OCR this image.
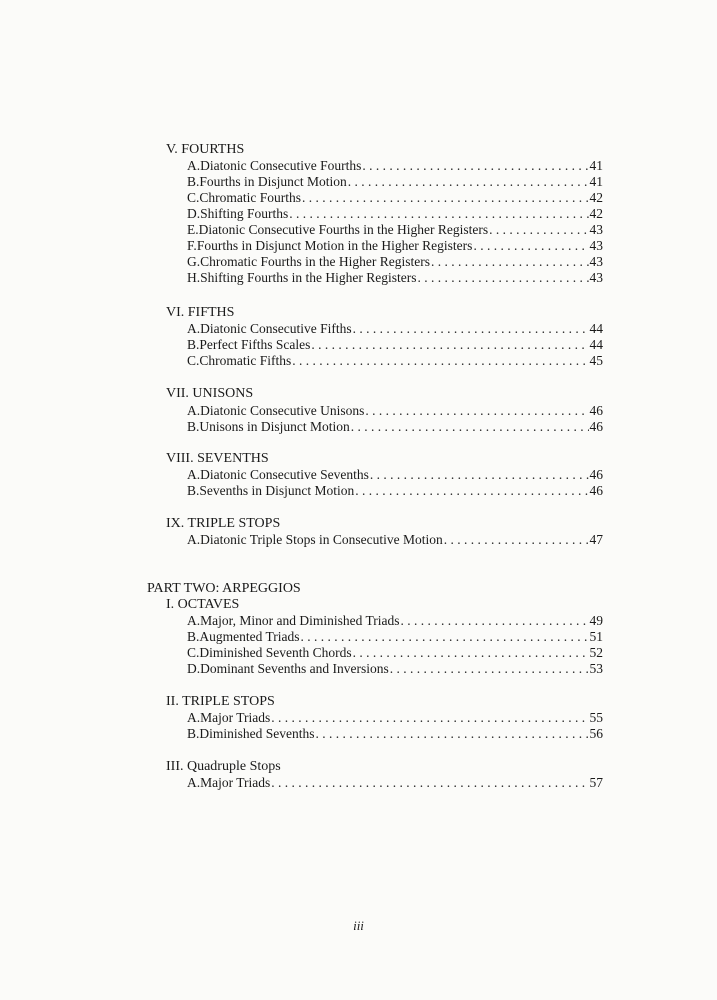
V. FOURTHS
A. Diatonic Consecutive Fourths . . .	41
B. Fourths in Disjunct Motion . . .	41
C. Chromatic Fourths . . .	42
D. Shifting Fourths . . .	42
E. Diatonic Consecutive Fourths in the Higher Registers . . .	43
F. Fourths in Disjunct Motion in the Higher Registers . . .	43
G. Chromatic Fourths in the Higher Registers . . .	43
H. Shifting Fourths in the Higher Registers . . .	43
VI. FIFTHS
A. Diatonic Consecutive Fifths . . .	44
B. Perfect Fifths Scales . . .	44
C. Chromatic Fifths . . .	45
VII. UNISONS
A. Diatonic Consecutive Unisons . . .	46
B. Unisons in Disjunct Motion . . .	46
VIII. SEVENTHS
A. Diatonic Consecutive Sevenths . . .	46
B. Sevenths in Disjunct Motion . . .	46
IX. TRIPLE STOPS
A. Diatonic Triple Stops in Consecutive Motion . . .	47
PART TWO: ARPEGGIOS
I. OCTAVES
A. Major, Minor and Diminished Triads . . .	49
B. Augmented Triads . . .	51
C. Diminished Seventh Chords . . .	52
D. Dominant Sevenths and Inversions . . .	53
II. TRIPLE STOPS
A. Major Triads . . .	55
B. Diminished Sevenths . . .	56
III. Quadruple Stops
A. Major Triads . . .	57
iii
